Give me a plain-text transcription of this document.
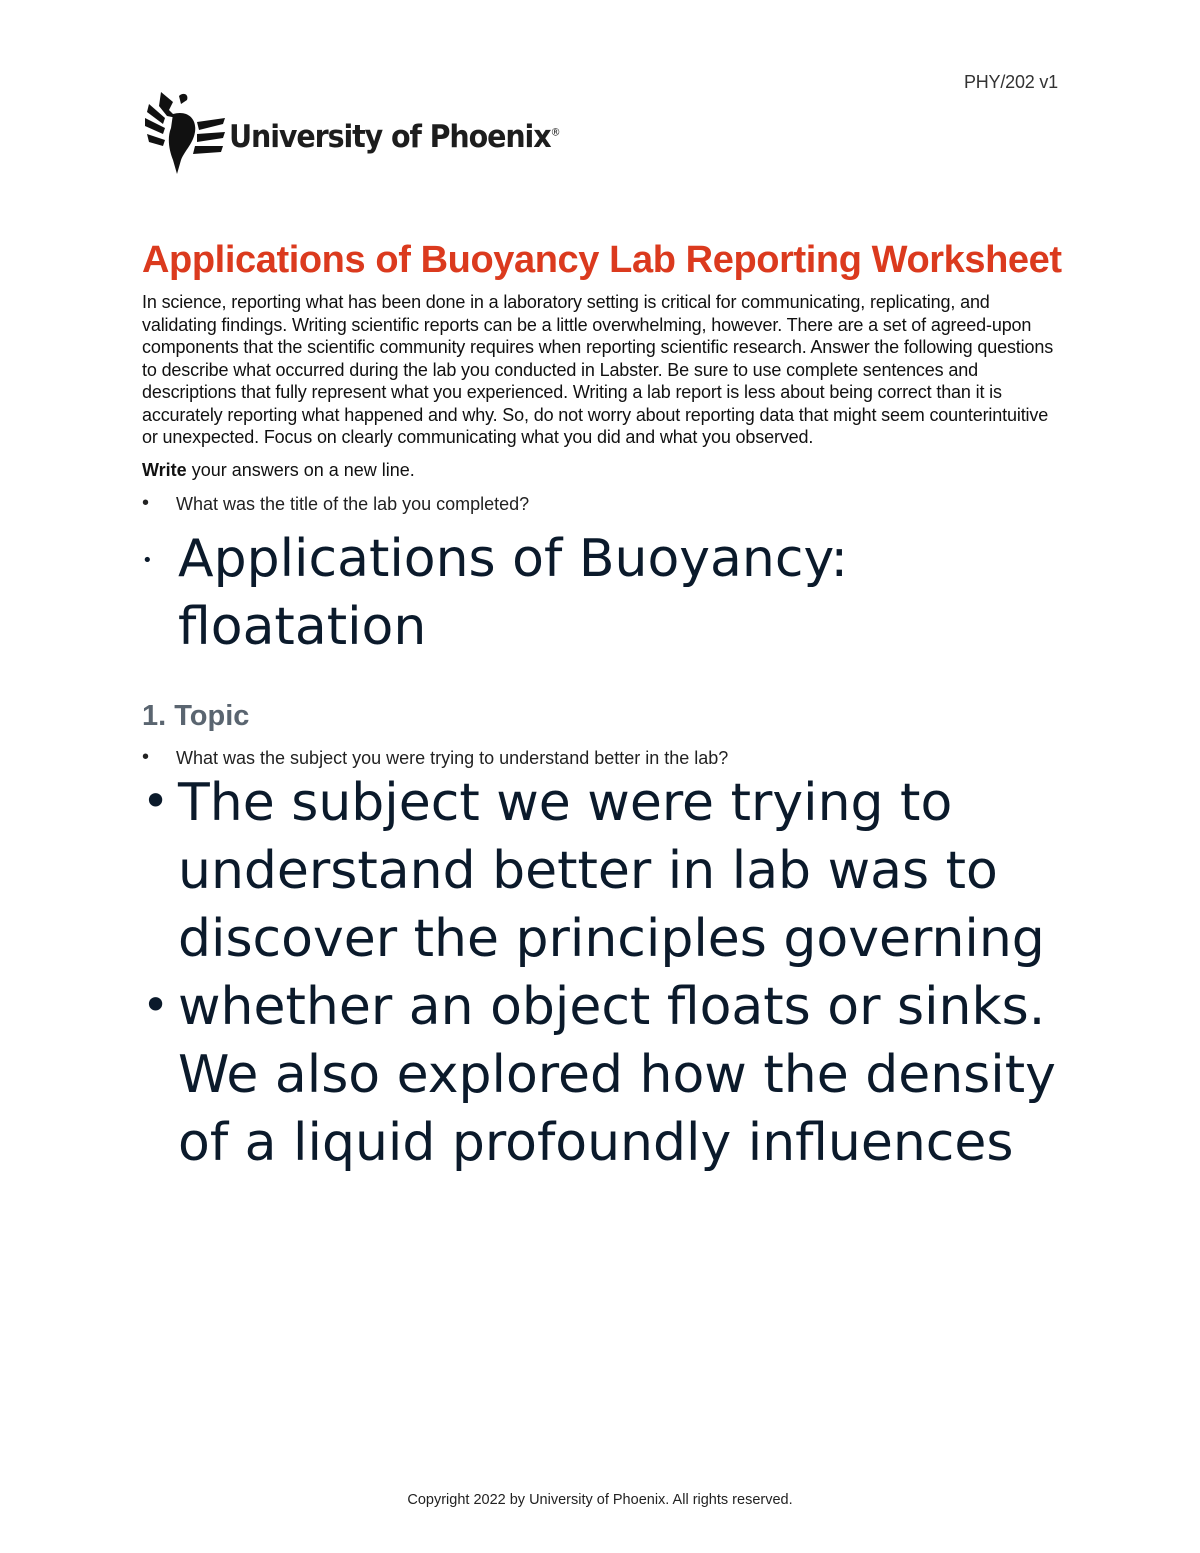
PHY/202 v1
University of Phoenix®
Applications of Buoyancy Lab Reporting Worksheet

In science, reporting what has been done in a laboratory setting is critical for communicating, replicating, and validating findings. Writing scientific reports can be a little overwhelming, however. There are a set of agreed-upon components that the scientific community requires when reporting scientific research. Answer the following questions to describe what occurred during the lab you conducted in Labster. Be sure to use complete sentences and descriptions that fully represent what you experienced. Writing a lab report is less about being correct than it is accurately reporting what happened and why. So, do not worry about reporting data that might seem counterintuitive or unexpected. Focus on clearly communicating what you did and what you observed.

Write your answers on a new line.

• What was the title of the lab you completed?
• Applications of Buoyancy: floatation
1. Topic
• What was the subject you were trying to understand better in the lab?
• The subject we were trying to understand better in lab was to discover the principles governing
• whether an object floats or sinks. We also explored how the density of a liquid profoundly influences
Copyright 2022 by University of Phoenix. All rights reserved.
